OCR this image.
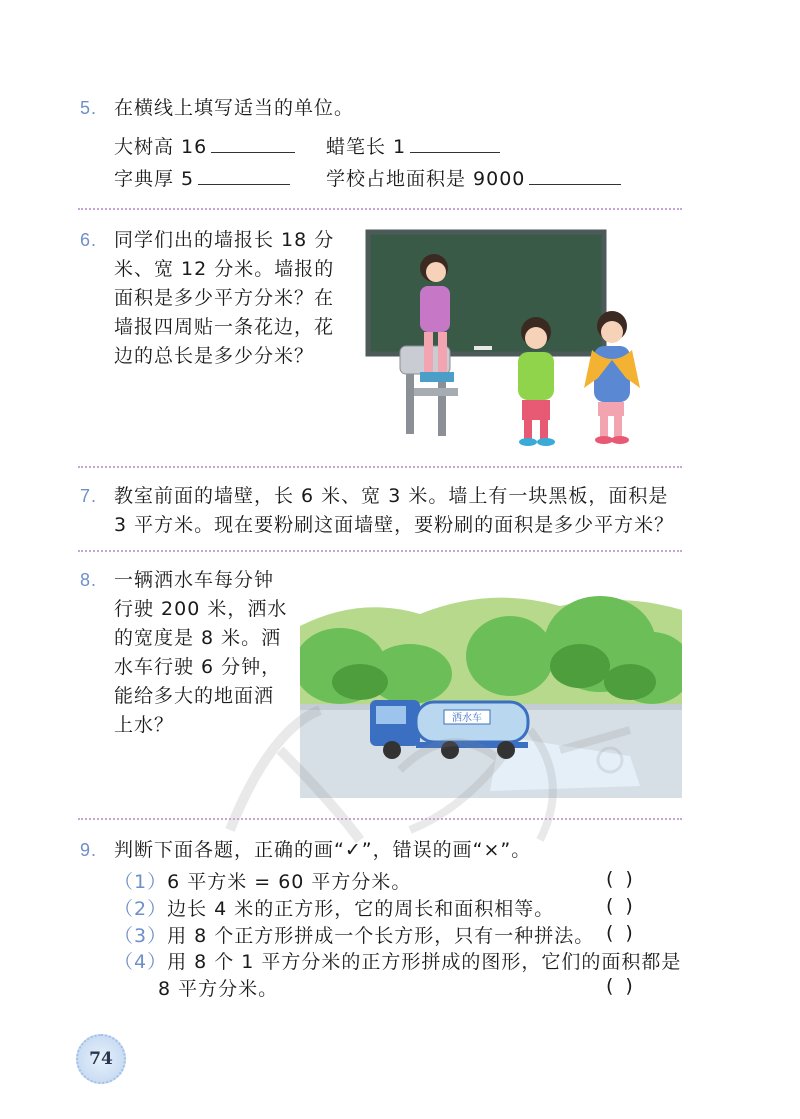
5. 在横线上填写适当的单位。
大树高 16	蜡笔长 1
字典厚 5	学校占地面积是 9000
6. 同学们出的墙报长 18 分
米、宽 12 分米。墙报的
面积是多少平方分米？在
墙报四周贴一条花边，花
边的总长是多少分米？
7. 教室前面的墙壁，长 6 米、宽 3 米。墙上有一块黑板，面积是
3 平方米。现在要粉刷这面墙壁，要粉刷的面积是多少平方米？
8. 一辆洒水车每分钟
行驶 200 米，洒水
的宽度是 8 米。洒
水车行驶 6 分钟，
能给多大的地面洒
上水？	洒水车
9. 判断下面各题，正确的画“✓”，错误的画“×”。
（1）6 平方米 = 60 平方分米。	()
（2）边长 4 米的正方形，它的周长和面积相等。	()
（3）用 8 个正方形拼成一个长方形，只有一种拼法。 ()
（4）用 8 个 1 平方分米的正方形拼成的图形，它们的面积都是
8 平方分米。	()
74
